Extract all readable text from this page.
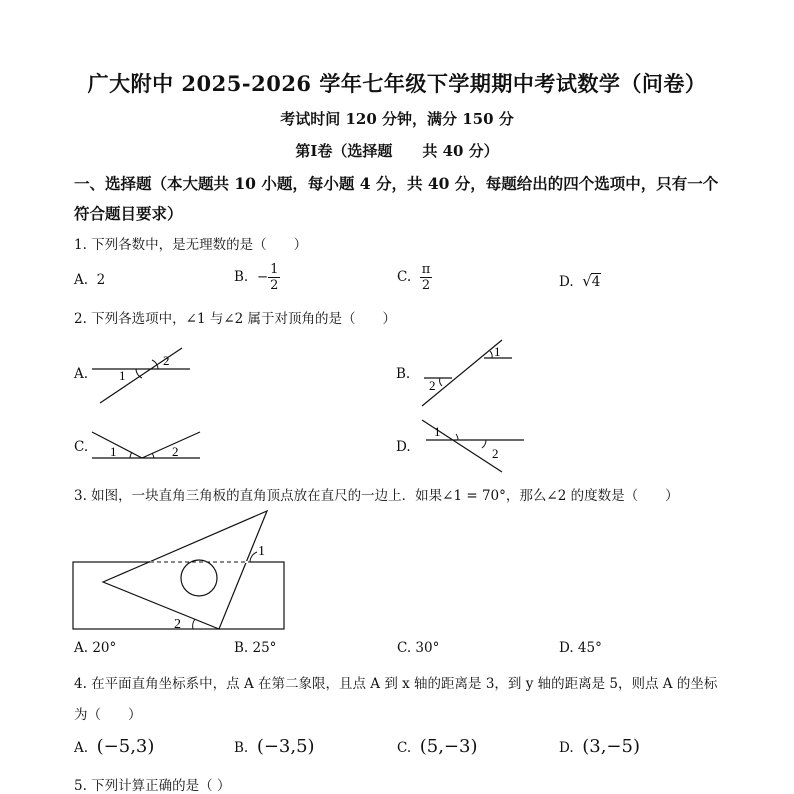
广大附中 2025-2026 学年七年级下学期期中考试数学（问卷）
考试时间 120 分钟，满分 150 分
第Ⅰ卷（选择题　　共 40 分）
一、选择题（本大题共 10 小题，每小题 4 分，共 40 分，每题给出的四个选项中，只有一个
符合题目要求）
1. 下列各数中，是无理数的是（　　）
A. 2	B. − $\frac{1}{2}$	C. $\frac{\pi}{2}$	D. √4
2. 下列各选项中，∠1 与∠2 属于对顶角的是（　　）
A. 1
2
B.
1
2
C. 1	2	D.
1
2
3. 如图，一块直角三角板的直角顶点放在直尺的一边上．如果∠1 = 70°，那么∠2 的度数是（　　）
1
2
A. 20°	B. 25°	C. 30°	D. 45°
4. 在平面直角坐标系中，点 A 在第二象限，且点 A 到 x 轴的距离是 3，到 y 轴的距离是 5，则点 A 的坐标
为（　　）
A. (−5,3)	B. (−3,5)	C. (5,−3)	D. (3,−5)
5. 下列计算正确的是（ ）
